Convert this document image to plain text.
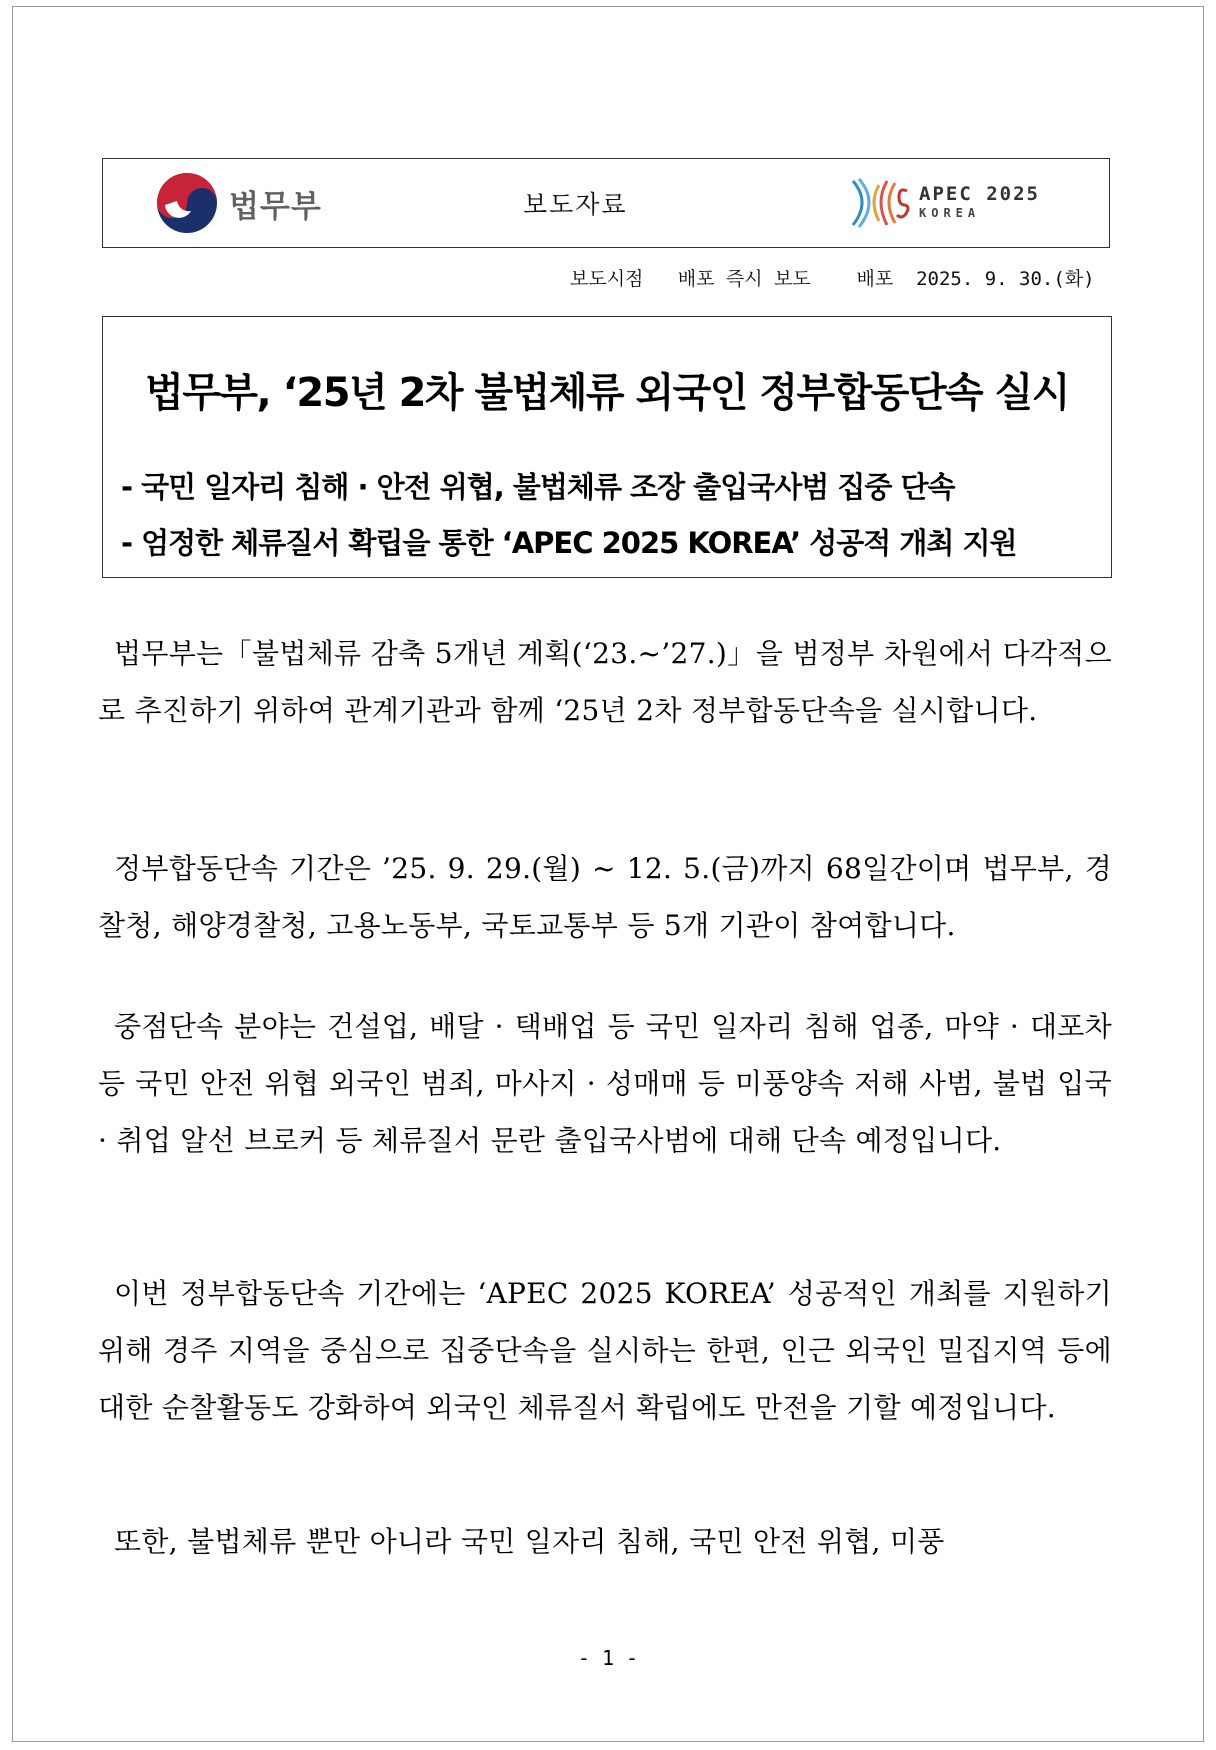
법무부	보도자료	APEC 2025
KOREA
보도시점   배포 즉시 보도    배포  2025. 9. 30.(화)
법무부, ‘25년 2차 불법체류 외국인 정부합동단속 실시
- 국민 일자리 침해 · 안전 위협, 불법체류 조장 출입국사범 집중 단속
- 엄정한 체류질서 확립을 통한 ‘APEC 2025 KOREA’ 성공적 개최 지원
법무부는「불법체류 감축 5개년 계획(‘23.~’27.)」을 범정부 차원에서 다각적으로 추진하기 위하여 관계기관과 함께 ‘25년 2차 정부합동단속을 실시합니다.
정부합동단속 기간은 ’25. 9. 29.(월) ~ 12. 5.(금)까지 68일간이며 법무부, 경찰청, 해양경찰청, 고용노동부, 국토교통부 등 5개 기관이 참여합니다.
중점단속 분야는 건설업, 배달 · 택배업 등 국민 일자리 침해 업종, 마약 · 대포차 등 국민 안전 위협 외국인 범죄, 마사지 · 성매매 등 미풍양속 저해 사범, 불법 입국 · 취업 알선 브로커 등 체류질서 문란 출입국사범에 대해 단속 예정입니다.
이번 정부합동단속 기간에는 ‘APEC 2025 KOREA’ 성공적인 개최를 지원하기 위해 경주 지역을 중심으로 집중단속을 실시하는 한편, 인근 외국인 밀집지역 등에 대한 순찰활동도 강화하여 외국인 체류질서 확립에도 만전을 기할 예정입니다.
또한, 불법체류 뿐만 아니라 국민 일자리 침해, 국민 안전 위협, 미풍
- 1 -
